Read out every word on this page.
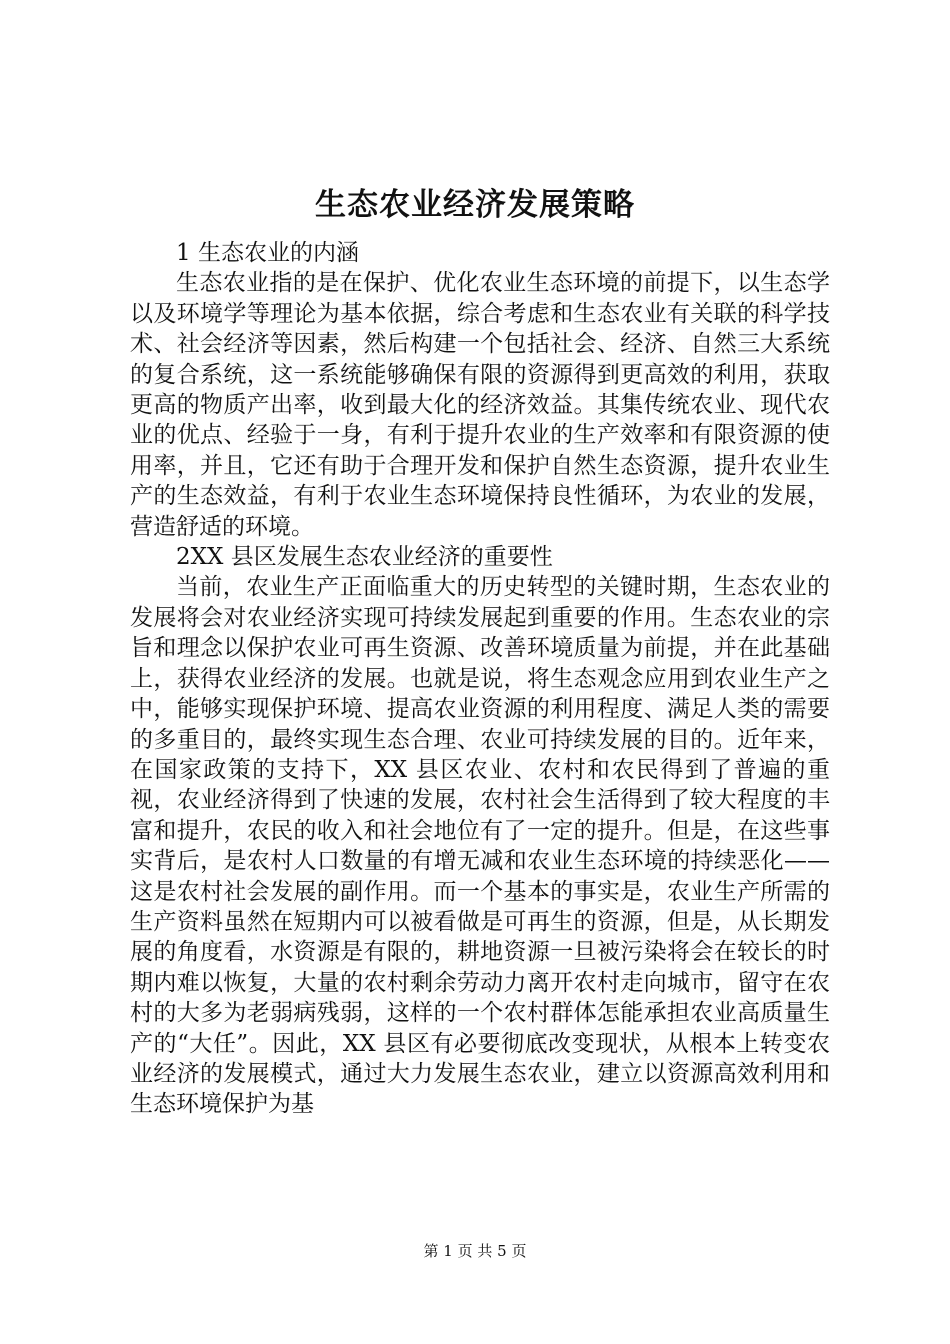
生态农业经济发展策略

1 生态农业的内涵

生态农业指的是在保护、优化农业生态环境的前提下，以生态学以及环境学等理论为基本依据，综合考虑和生态农业有关联的科学技术、社会经济等因素，然后构建一个包括社会、经济、自然三大系统的复合系统，这一系统能够确保有限的资源得到更高效的利用，获取更高的物质产出率，收到最大化的经济效益。其集传统农业、现代农业的优点、经验于一身，有利于提升农业的生产效率和有限资源的使用率，并且，它还有助于合理开发和保护自然生态资源，提升农业生产的生态效益，有利于农业生态环境保持良性循环，为农业的发展，营造舒适的环境。

2XX 县区发展生态农业经济的重要性

当前，农业生产正面临重大的历史转型的关键时期，生态农业的发展将会对农业经济实现可持续发展起到重要的作用。生态农业的宗旨和理念以保护农业可再生资源、改善环境质量为前提，并在此基础上，获得农业经济的发展。也就是说，将生态观念应用到农业生产之中，能够实现保护环境、提高农业资源的利用程度、满足人类的需要的多重目的，最终实现生态合理、农业可持续发展的目的。近年来，在国家政策的支持下，XX 县区农业、农村和农民得到了普遍的重视，农业经济得到了快速的发展，农村社会生活得到了较大程度的丰富和提升，农民的收入和社会地位有了一定的提升。但是，在这些事实背后，是农村人口数量的有增无减和农业生态环境的持续恶化——这是农村社会发展的副作用。而一个基本的事实是，农业生产所需的生产资料虽然在短期内可以被看做是可再生的资源，但是，从长期发展的角度看，水资源是有限的，耕地资源一旦被污染将会在较长的时期内难以恢复，大量的农村剩余劳动力离开农村走向城市，留守在农村的大多为老弱病残弱，这样的一个农村群体怎能承担农业高质量生产的“大任”。因此，XX 县区有必要彻底改变现状，从根本上转变农业经济的发展模式，通过大力发展生态农业，建立以资源高效利用和生态环境保护为基

第 1 页 共 5 页
